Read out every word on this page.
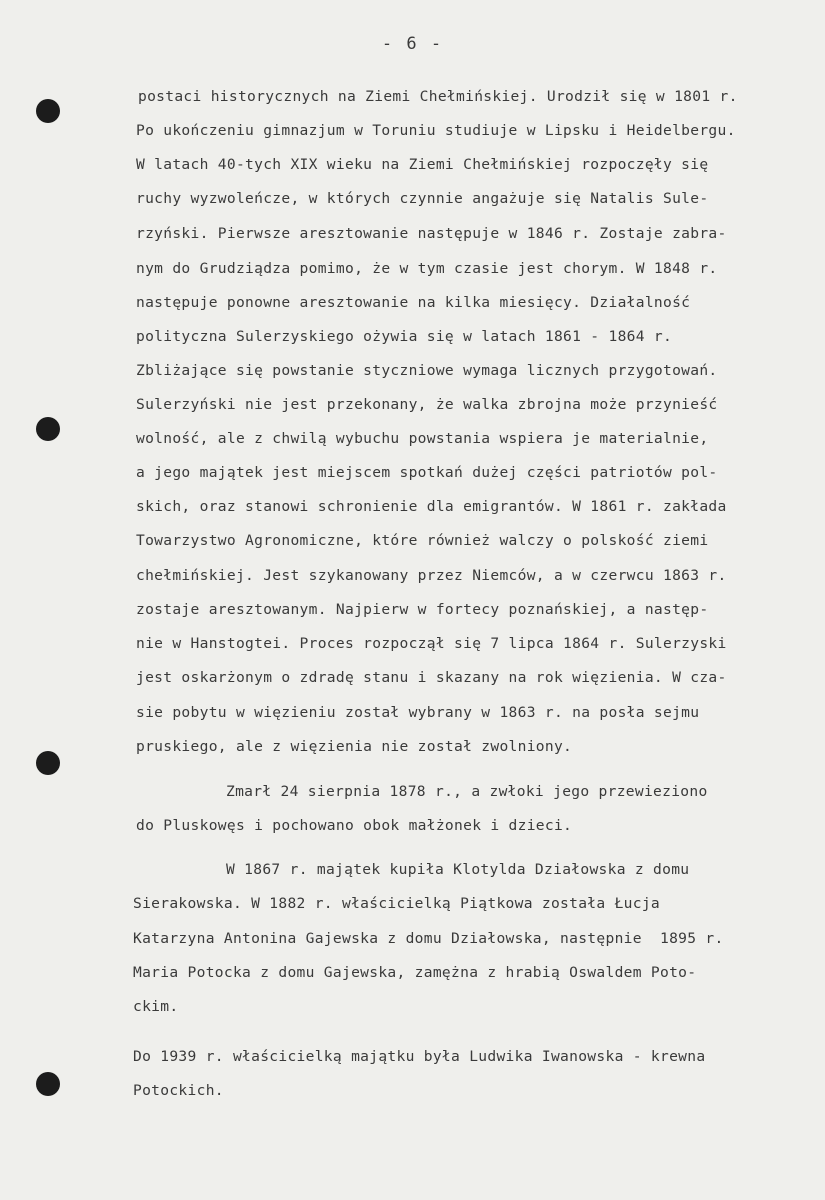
- 6 -
postaci historycznych na Ziemi Chełmińskiej. Urodził się w 1801 r.
Po ukończeniu gimnazjum w Toruniu studiuje w Lipsku i Heidelbergu.
W latach 40-tych XIX wieku na Ziemi Chełmińskiej rozpoczęły się
ruchy wyzwoleńcze, w których czynnie angażuje się Natalis Sule-
rzyński. Pierwsze aresztowanie następuje w 1846 r. Zostaje zabra-
nym do Grudziądza pomimo, że w tym czasie jest chorym. W 1848 r.
następuje ponowne aresztowanie na kilka miesięcy. Działalność
polityczna Sulerzyskiego ożywia się w latach 1861 - 1864 r.
Zbliżające się powstanie styczniowe wymaga licznych przygotowań.
Sulerzyński nie jest przekonany, że walka zbrojna może przynieść
wolność, ale z chwilą wybuchu powstania wspiera je materialnie,
a jego majątek jest miejscem spotkań dużej części patriotów pol-
skich, oraz stanowi schronienie dla emigrantów. W 1861 r. zakłada
Towarzystwo Agronomiczne, które również walczy o polskość ziemi
chełmińskiej. Jest szykanowany przez Niemców, a w czerwcu 1863 r.
zostaje aresztowanym. Najpierw w fortecy poznańskiej, a następ-
nie w Hanstogtei. Proces rozpoczął się 7 lipca 1864 r. Sulerzyski
jest oskarżonym o zdradę stanu i skazany na rok więzienia. W cza-
sie pobytu w więzieniu został wybrany w 1863 r. na posła sejmu
pruskiego, ale z więzienia nie został zwolniony.
Zmarł 24 sierpnia 1878 r., a zwłoki jego przewieziono
do Pluskowęs i pochowano obok małżonek i dzieci.
W 1867 r. majątek kupiła Klotylda Działowska z domu
Sierakowska. W 1882 r. właścicielką Piątkowa została Łucja
Katarzyna Antonina Gajewska z domu Działowska, następnie  1895 r.
Maria Potocka z domu Gajewska, zamężna z hrabią Oswaldem Poto-
ckim.
Do 1939 r. właścicielką majątku była Ludwika Iwanowska - krewna
Potockich.
